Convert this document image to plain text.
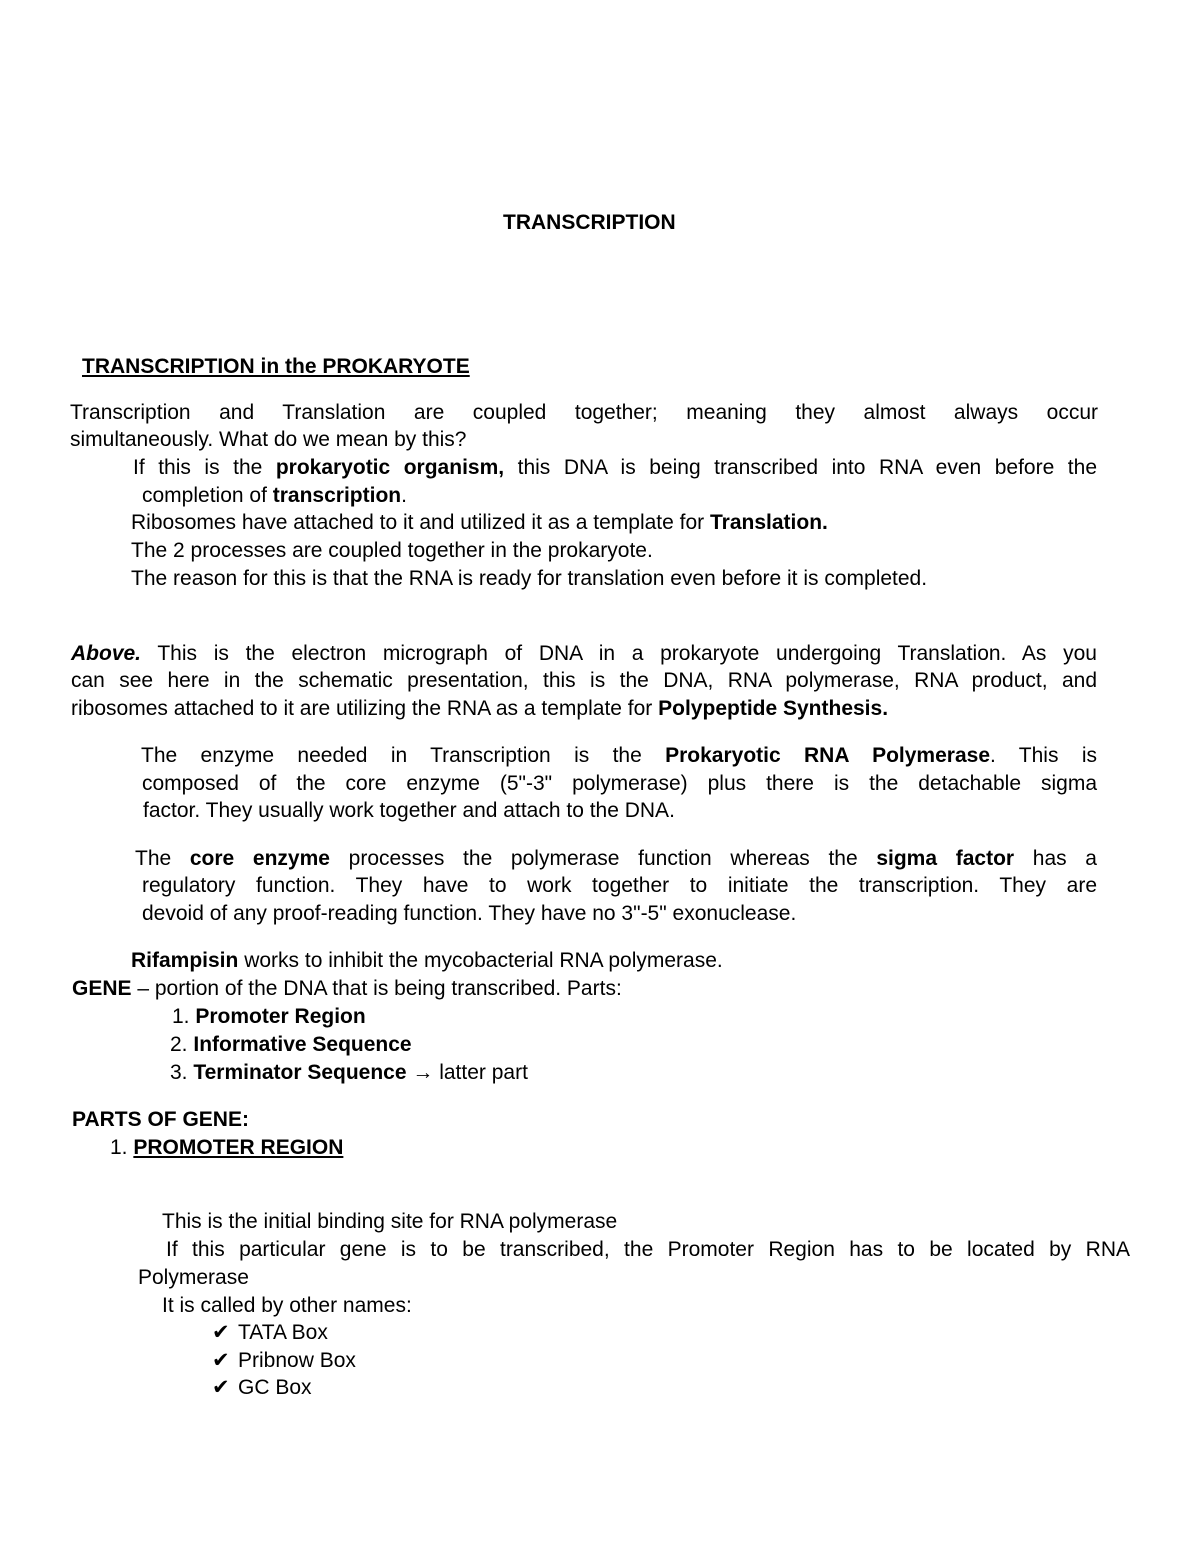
TRANSCRIPTION
TRANSCRIPTION in the PROKARYOTE
Transcription and Translation are coupled together; meaning they almost always occur
simultaneously. What do we mean by this?
If this is the prokaryotic organism, this DNA is being transcribed into RNA even before the
completion of transcription.
Ribosomes have attached to it and utilized it as a template for Translation.
The 2 processes are coupled together in the prokaryote.
The reason for this is that the RNA is ready for translation even before it is completed.
Above. This is the electron micrograph of DNA in a prokaryote undergoing Translation. As you
can see here in the schematic presentation, this is the DNA, RNA polymerase, RNA product, and
ribosomes attached to it are utilizing the RNA as a template for Polypeptide Synthesis.
The enzyme needed in Transcription is the Prokaryotic RNA Polymerase. This is
composed of the core enzyme (5"-3" polymerase) plus there is the detachable sigma
factor. They usually work together and attach to the DNA.
The core enzyme processes the polymerase function whereas the sigma factor has a
regulatory function. They have to work together to initiate the transcription. They are
devoid of any proof-reading function. They have no 3"-5" exonuclease.
Rifampisin works to inhibit the mycobacterial RNA polymerase.
GENE – portion of the DNA that is being transcribed. Parts:
1. Promoter Region
2. Informative Sequence
3. Terminator Sequence → latter part
PARTS OF GENE:
1. PROMOTER REGION
This is the initial binding site for RNA polymerase
If this particular gene is to be transcribed, the Promoter Region has to be located by RNA
Polymerase
It is called by other names:
✔ TATA Box
✔ Pribnow Box
✔ GC Box
